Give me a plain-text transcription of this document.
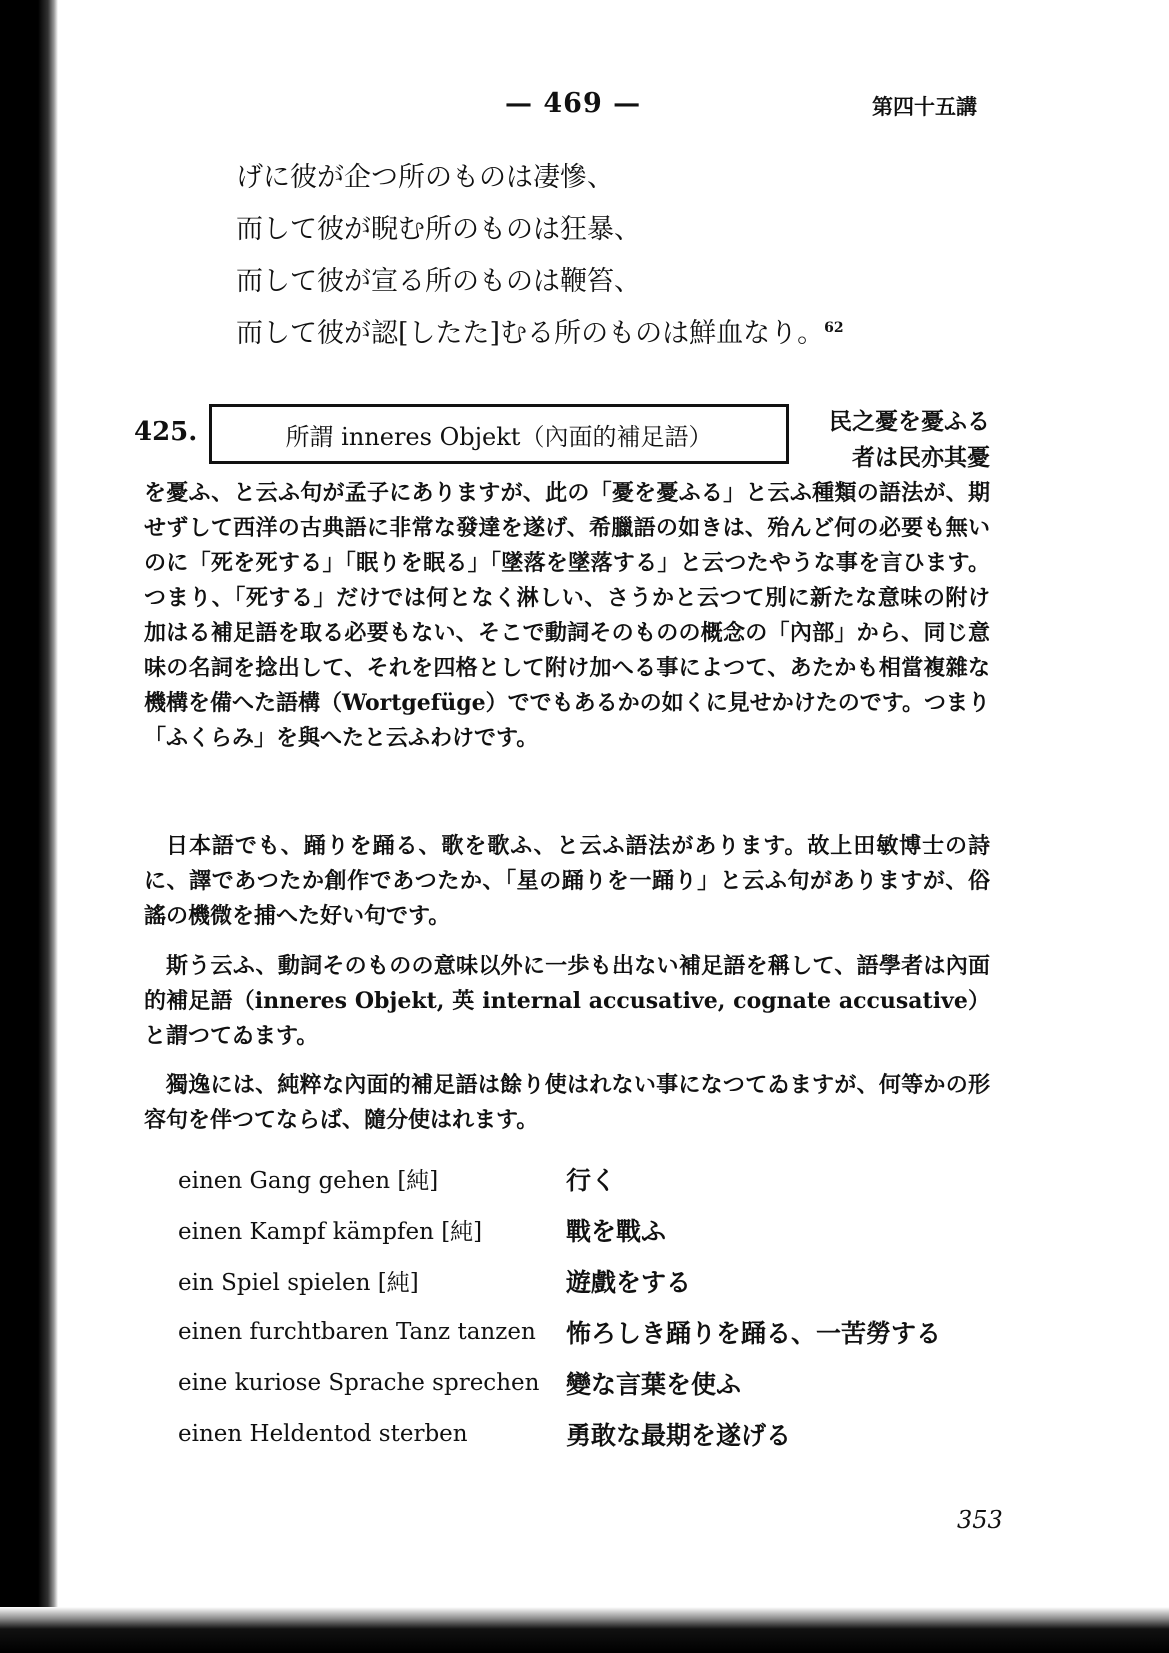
— 469 —	第四十五講
げに彼が企つ所のものは凄慘、
而して彼が睨む所のものは狂暴、
而して彼が宣る所のものは鞭笞、
而して彼が認[したた]むる所のものは鮮血なり。$^{62}$
425.	所謂 inneres Objekt（內面的補足語）
民之憂を憂ふる者は民亦其憂
を憂ふ、と云ふ句が孟子にありますが、此の「憂を憂ふる」と云ふ種類の語法が、期せずして西洋の古典語に非常な發達を遂げ、希臘語の如きは、殆んど何の必要も無いのに「死を死する」「眠りを眠る」「墜落を墜落する」と云つたやうな事を言ひます。つまり、「死する」だけでは何となく淋しい、さうかと云つて別に新たな意味の附け加はる補足語を取る必要もない、そこで動詞そのものの概念の「內部」から、同じ意味の名詞を捻出して、それを四格として附け加へる事によつて、あたかも相當複雜な機構を備へた語構（Wortgefüge）ででもあるかの如くに見せかけたのです。つまり「ふくらみ」を與へたと云ふわけです。
日本語でも、踊りを踊る、歌を歌ふ、と云ふ語法があります。故上田敏博士の詩に、譯であつたか創作であつたか、「星の踊りを一踊り」と云ふ句がありますが、俗謠の機微を捕へた好い句です。
斯う云ふ、動詞そのものの意味以外に一歩も出ない補足語を稱して、語學者は內面的補足語（inneres Objekt, 英 internal accusative, cognate accusative）と謂つてゐます。
獨逸には、純粹な內面的補足語は餘り使はれない事になつてゐますが、何等かの形容句を伴つてならば、隨分使はれます。
einen Gang gehen [純]	行く
einen Kampf kämpfen [純]	戰を戰ふ
ein Spiel spielen [純]	遊戲をする
einen furchtbaren Tanz tanzen	怖ろしき踊りを踊る、一苦勞する
eine kuriose Sprache sprechen	變な言葉を使ふ
einen Heldentod sterben	勇敢な最期を遂げる
353
